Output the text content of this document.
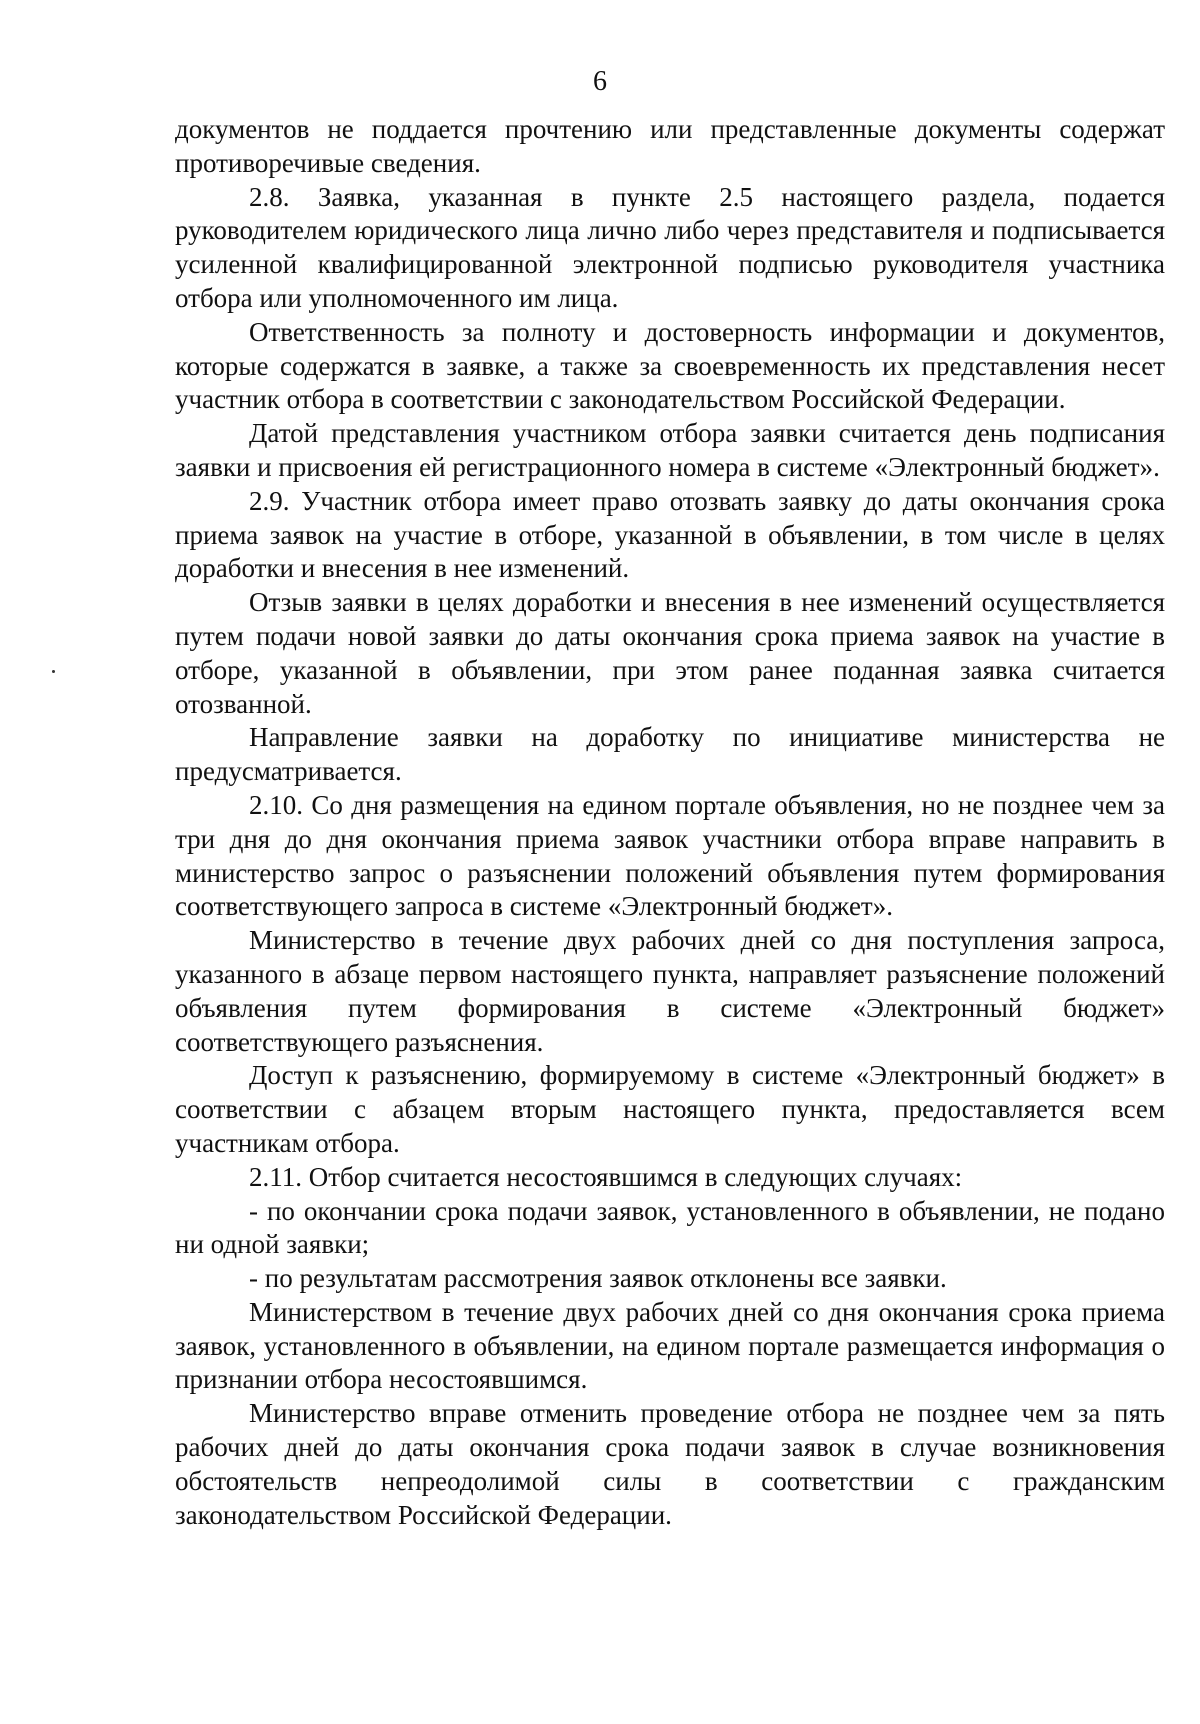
6

документов не поддается прочтению или представленные документы содержат противоречивые сведения.

2.8. Заявка, указанная в пункте 2.5 настоящего раздела, подается руководителем юридического лица лично либо через представителя и подписывается усиленной квалифицированной электронной подписью руководителя участника отбора или уполномоченного им лица.

Ответственность за полноту и достоверность информации и документов, которые содержатся в заявке, а также за своевременность их представления несет участник отбора в соответствии с законодательством Российской Федерации.

Датой представления участником отбора заявки считается день подписания заявки и присвоения ей регистрационного номера в системе «Электронный бюджет».

2.9. Участник отбора имеет право отозвать заявку до даты окончания срока приема заявок на участие в отборе, указанной в объявлении, в том числе в целях доработки и внесения в нее изменений.

Отзыв заявки в целях доработки и внесения в нее изменений осуществляется путем подачи новой заявки до даты окончания срока приема заявок на участие в отборе, указанной в объявлении, при этом ранее поданная заявка считается отозванной.

Направление заявки на доработку по инициативе министерства не предусматривается.

2.10. Со дня размещения на едином портале объявления, но не позднее чем за три дня до дня окончания приема заявок участники отбора вправе направить в министерство запрос о разъяснении положений объявления путем формирования соответствующего запроса в системе «Электронный бюджет».

Министерство в течение двух рабочих дней со дня поступления запроса, указанного в абзаце первом настоящего пункта, направляет разъяснение положений объявления путем формирования в системе «Электронный бюджет» соответствующего разъяснения.

Доступ к разъяснению, формируемому в системе «Электронный бюджет» в соответствии с абзацем вторым настоящего пункта, предоставляется всем участникам отбора.

2.11. Отбор считается несостоявшимся в следующих случаях:

- по окончании срока подачи заявок, установленного в объявлении, не подано ни одной заявки;

- по результатам рассмотрения заявок отклонены все заявки.

Министерством в течение двух рабочих дней со дня окончания срока приема заявок, установленного в объявлении, на едином портале размещается информация о признании отбора несостоявшимся.

Министерство вправе отменить проведение отбора не позднее чем за пять рабочих дней до даты окончания срока подачи заявок в случае возникновения обстоятельств непреодолимой силы в соответствии с гражданским законодательством Российской Федерации.
